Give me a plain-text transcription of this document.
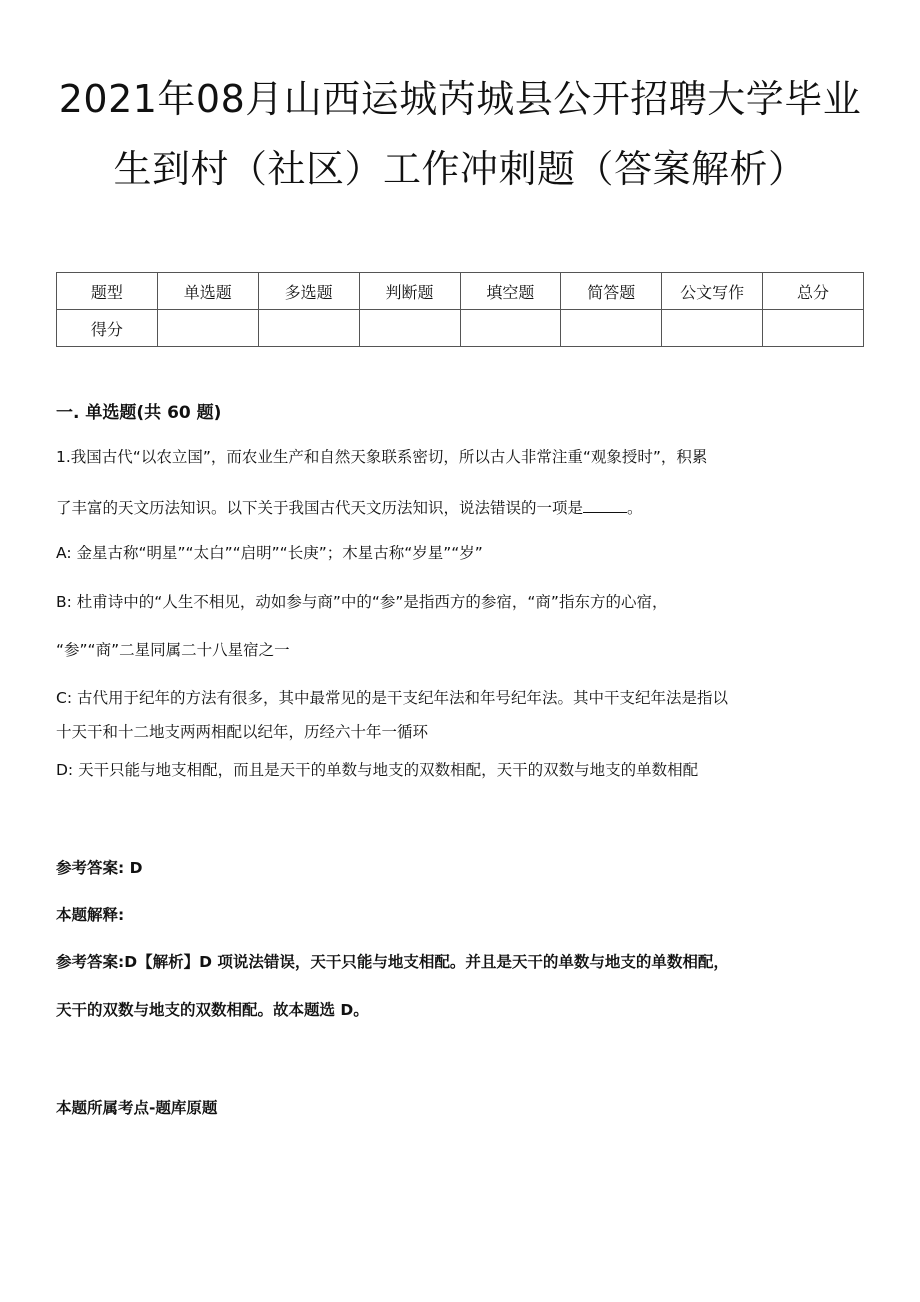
2021年08月山西运城芮城县公开招聘大学毕业
生到村（社区）工作冲刺题（答案解析）
题型	单选题	多选题	判断题	填空题	简答题	公文写作	总分
得分							
一. 单选题(共 60 题)
1.我国古代“以农立国”，而农业生产和自然天象联系密切，所以古人非常注重“观象授时”，积累
了丰富的天文历法知识。以下关于我国古代天文历法知识，说法错误的一项是	。
A: 金星古称“明星”“太白”“启明”“长庚”；木星古称“岁星”“岁”
B: 杜甫诗中的“人生不相见，动如参与商”中的“参”是指西方的参宿，“商”指东方的心宿，
“参”“商”二星同属二十八星宿之一
C: 古代用于纪年的方法有很多，其中最常见的是干支纪年法和年号纪年法。其中干支纪年法是指以
十天干和十二地支两两相配以纪年，历经六十年一循环
D: 天干只能与地支相配，而且是天干的单数与地支的双数相配，天干的双数与地支的单数相配
参考答案: D
本题解释:
参考答案:D【解析】D 项说法错误，天干只能与地支相配。并且是天干的单数与地支的单数相配，
天干的双数与地支的双数相配。故本题选 D。
本题所属考点-题库原题
